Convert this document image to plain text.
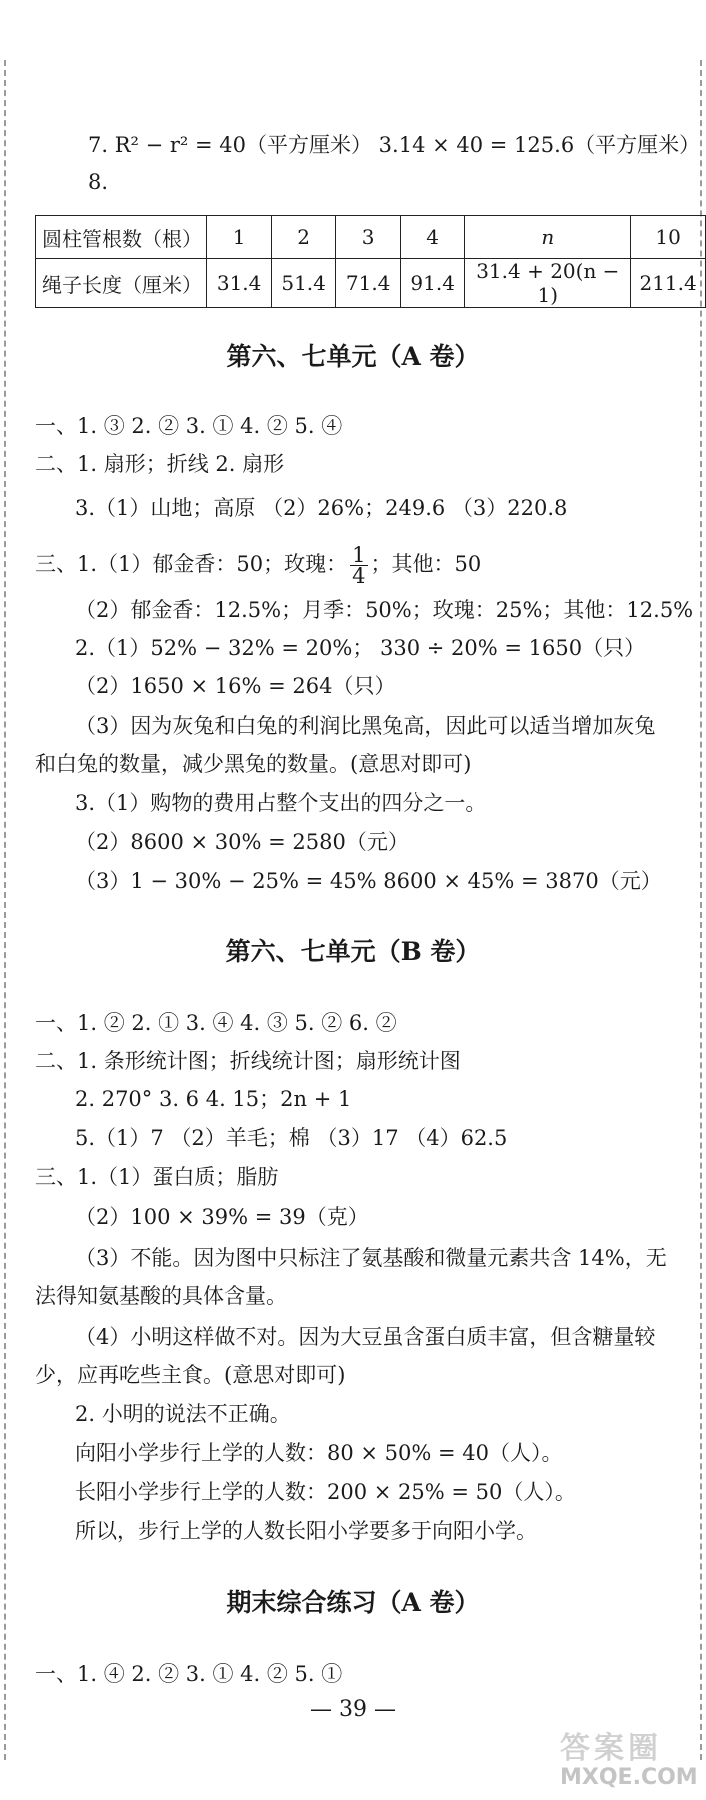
7. R² − r² = 40（平方厘米） 3.14 × 40 = 125.6（平方厘米）
8.
圆柱管根数（根）	1	2	3	4	n	10
绳子长度（厘米）	31.4	51.4	71.4	91.4	31.4 + 20(n − 1)	211.4
第六、七单元（A 卷）
一、1. ③ 2. ② 3. ① 4. ② 5. ④
二、1. 扇形；折线 2. 扇形
3.（1）山地；高原 （2）26%；249.6 （3）220.8
三、1.（1）郁金香：50；玫瑰： $\frac{1}{4}$ ；其他：50
（2）郁金香：12.5%；月季：50%；玫瑰：25%；其他：12.5%
2.（1）52% − 32% = 20%； 330 ÷ 20% = 1650（只）
（2）1650 × 16% = 264（只）
（3）因为灰兔和白兔的利润比黑兔高，因此可以适当增加灰兔
和白兔的数量，减少黑兔的数量。(意思对即可)
3.（1）购物的费用占整个支出的四分之一。
（2）8600 × 30% = 2580（元）
（3）1 − 30% − 25% = 45% 8600 × 45% = 3870（元）
第六、七单元（B 卷）
一、1. ② 2. ① 3. ④ 4. ③ 5. ② 6. ②
二、1. 条形统计图；折线统计图；扇形统计图
2. 270° 3. 6 4. 15；2n + 1
5.（1）7 （2）羊毛；棉 （3）17 （4）62.5
三、1.（1）蛋白质；脂肪
（2）100 × 39% = 39（克）
（3）不能。因为图中只标注了氨基酸和微量元素共含 14%，无
法得知氨基酸的具体含量。
（4）小明这样做不对。因为大豆虽含蛋白质丰富，但含糖量较
少，应再吃些主食。(意思对即可)
2. 小明的说法不正确。
向阳小学步行上学的人数：80 × 50% = 40（人）。
长阳小学步行上学的人数：200 × 25% = 50（人）。
所以，步行上学的人数长阳小学要多于向阳小学。
期末综合练习（A 卷）
一、1. ④ 2. ② 3. ① 4. ② 5. ①
— 39 —
答案圈
MXQE.COM
